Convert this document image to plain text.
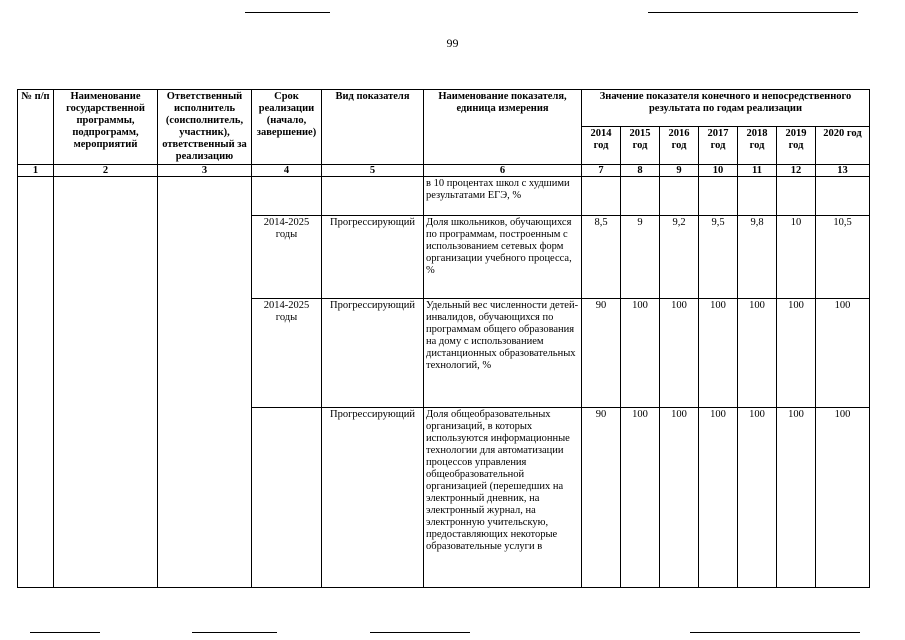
99
№ п/п	Наименование государственной программы, подпрограмм, мероприятий	Ответственный исполнитель (соисполнитель, участник), ответственный за реализацию	Срок реализации (начало, завершение)	Вид показателя	Наименование показателя, единица измерения	Значение показателя конечного и непосредственного результата по годам реализации						
						2014 год	2015 год	2016 год	2017 год	2018 год	2019 год	2020 год
1	2	3	4	5	6	7	8	9	10	11	12	13
					в 10 процентах школ с худшими результатами ЕГЭ, %							
			2014-2025 годы	Прогрессирующий	Доля школьников, обучающихся по программам, построенным с использованием сетевых форм организации учебного процесса, %	8,5	9	9,2	9,5	9,8	10	10,5
			2014-2025 годы	Прогрессирующий	Удельный вес численности детей-инвалидов, обучающихся по программам общего образования на дому с использованием дистанционных образовательных технологий, %	90	100	100	100	100	100	100
				Прогрессирующий	Доля общеобразовательных организаций, в которых используются информационные технологии для автоматизации процессов управления общеобразовательной организацией (перешедших на электронный дневник, на электронный журнал, на электронную учительскую, предоставляющих некоторые образовательные услуги в	90	100	100	100	100	100	100
